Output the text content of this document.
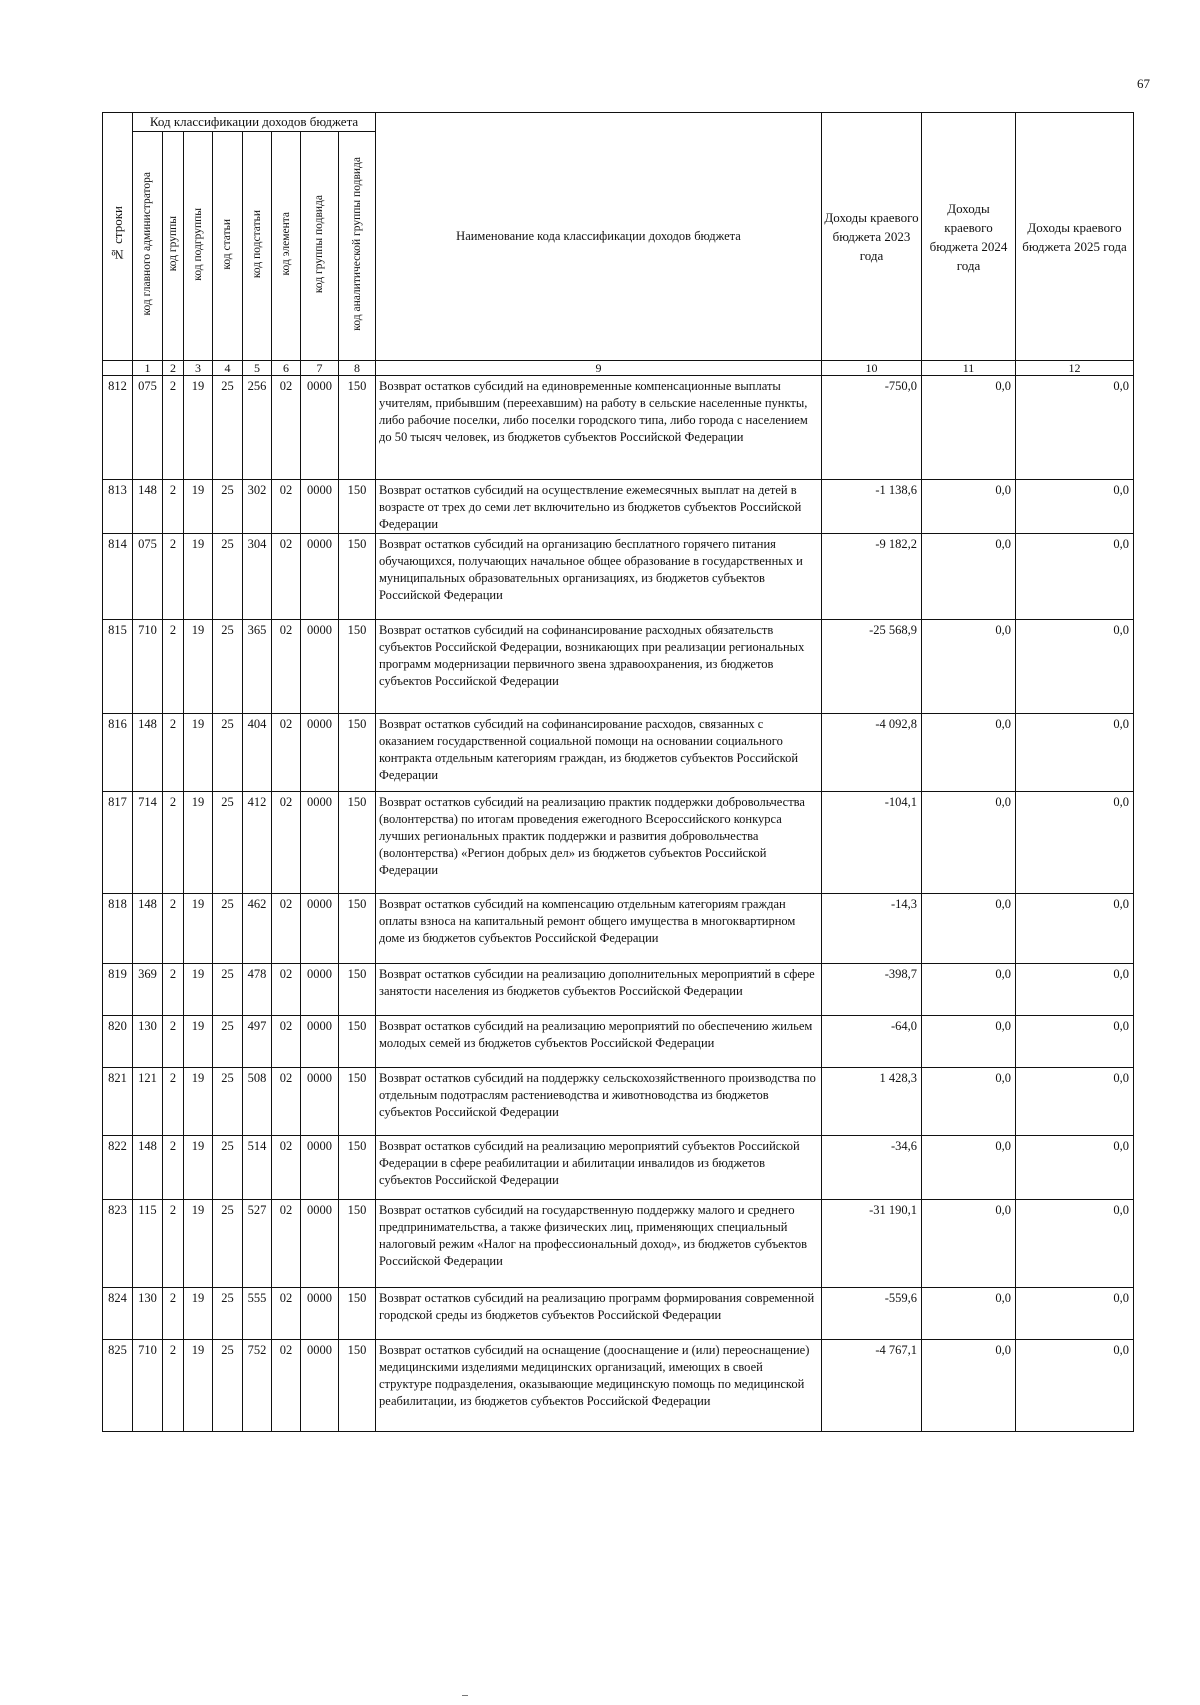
67
№ строки	Код классификации доходов бюджета								Наименование кода классификации доходов бюджета	Доходы краевого бюджета 2023 года	Доходы краевого бюджета 2024 года	Доходы краевого бюджета 2025 года
	код главного администратора	код группы	код подгруппы	код статьи	код подстатьи	код элемента	код группы подвида	код аналитической группы подвида				
	1	2	3	4	5	6	7	8	9	10	11	12
812	075	2	19	25	256	02	0000	150	Возврат остатков субсидий на единовременные компенсационные выплаты учителям, прибывшим (переехавшим) на работу в сельские населенные пункты, либо рабочие поселки, либо поселки городского типа, либо города с населением до 50 тысяч человек, из бюджетов субъектов Российской Федерации	-750,0	0,0	0,0
813	148	2	19	25	302	02	0000	150	Возврат остатков субсидий на осуществление ежемесячных выплат на детей в возрасте от трех до семи лет включительно из бюджетов субъектов Российской Федерации	-1 138,6	0,0	0,0
814	075	2	19	25	304	02	0000	150	Возврат остатков субсидий на организацию бесплатного горячего питания обучающихся, получающих начальное общее образование в государственных и муниципальных образовательных организациях, из бюджетов субъектов Российской Федерации	-9 182,2	0,0	0,0
815	710	2	19	25	365	02	0000	150	Возврат остатков субсидий на софинансирование расходных обязательств субъектов Российской Федерации, возникающих при реализации региональных программ модернизации первичного звена здравоохранения, из бюджетов субъектов Российской Федерации	-25 568,9	0,0	0,0
816	148	2	19	25	404	02	0000	150	Возврат остатков субсидий на софинансирование расходов, связанных с оказанием государственной социальной помощи на основании социального контракта отдельным категориям граждан, из бюджетов субъектов Российской Федерации	-4 092,8	0,0	0,0
817	714	2	19	25	412	02	0000	150	Возврат остатков субсидий на реализацию практик поддержки добровольчества (волонтерства) по итогам проведения ежегодного Всероссийского конкурса лучших региональных практик поддержки и развития добровольчества (волонтерства) «Регион добрых дел» из бюджетов субъектов Российской Федерации	-104,1	0,0	0,0
818	148	2	19	25	462	02	0000	150	Возврат остатков субсидий на компенсацию отдельным категориям граждан оплаты взноса на капитальный ремонт общего имущества в многоквартирном доме из бюджетов субъектов Российской Федерации	-14,3	0,0	0,0
819	369	2	19	25	478	02	0000	150	Возврат остатков субсидии на реализацию дополнительных мероприятий в сфере занятости населения из бюджетов субъектов Российской Федерации	-398,7	0,0	0,0
820	130	2	19	25	497	02	0000	150	Возврат остатков субсидий на реализацию мероприятий по обеспечению жильем молодых семей из бюджетов субъектов Российской Федерации	-64,0	0,0	0,0
821	121	2	19	25	508	02	0000	150	Возврат остатков субсидий на поддержку сельскохозяйственного производства по отдельным подотраслям растениеводства и животноводства из бюджетов субъектов Российской Федерации	1 428,3	0,0	0,0
822	148	2	19	25	514	02	0000	150	Возврат остатков субсидий на реализацию мероприятий субъектов Российской Федерации в сфере реабилитации и абилитации инвалидов из бюджетов субъектов Российской Федерации	-34,6	0,0	0,0
823	115	2	19	25	527	02	0000	150	Возврат остатков субсидий на государственную поддержку малого и среднего предпринимательства, а также физических лиц, применяющих специальный налоговый режим «Налог на профессиональный доход», из бюджетов субъектов Российской Федерации	-31 190,1	0,0	0,0
824	130	2	19	25	555	02	0000	150	Возврат остатков субсидий на реализацию программ формирования современной городской среды из бюджетов субъектов Российской Федерации	-559,6	0,0	0,0
825	710	2	19	25	752	02	0000	150	Возврат остатков субсидий на оснащение (дооснащение и (или) переоснащение) медицинскими изделиями медицинских организаций, имеющих в своей структуре подразделения, оказывающие медицинскую помощь по медицинской реабилитации, из бюджетов субъектов Российской Федерации	-4 767,1	0,0	0,0
